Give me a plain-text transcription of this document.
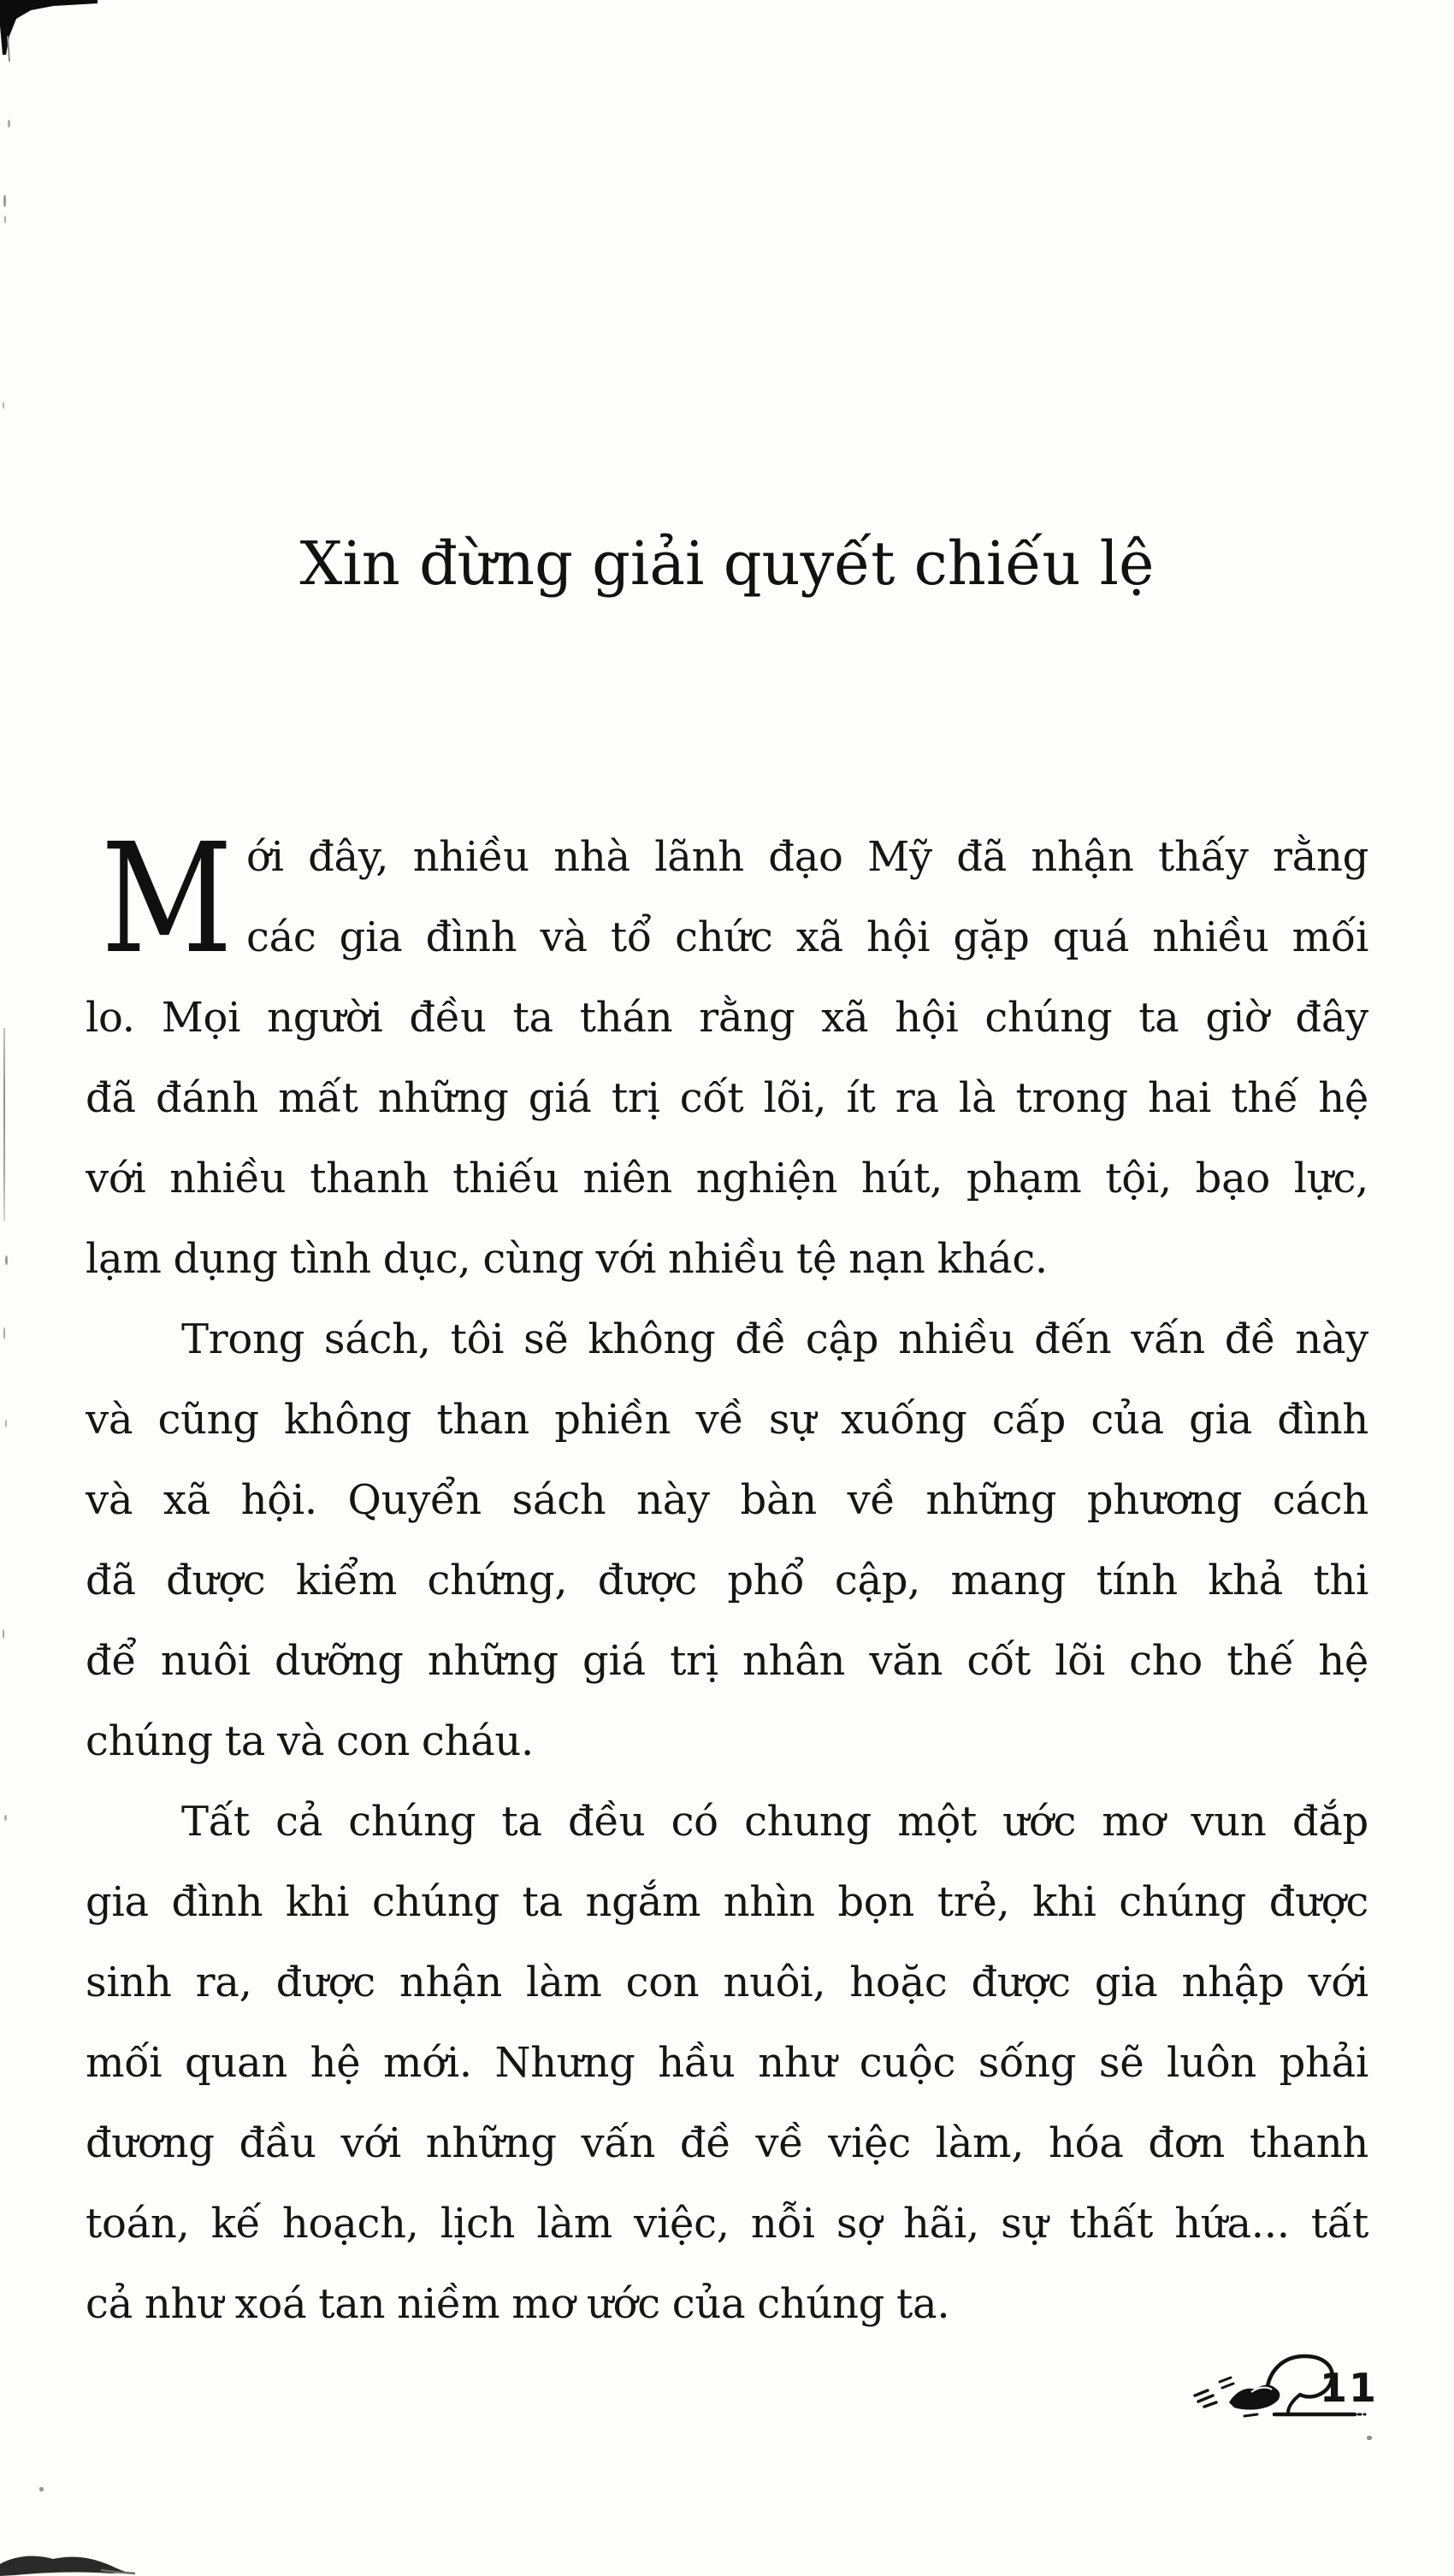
Xin đừng giải quyết chiếu lệ
M ới đây, nhiều nhà lãnh đạo Mỹ đã nhận thấy rằng
các gia đình và tổ chức xã hội gặp quá nhiều mối
lo. Mọi người đều ta thán rằng xã hội chúng ta giờ đây
đã đánh mất những giá trị cốt lõi, ít ra là trong hai thế hệ
với nhiều thanh thiếu niên nghiện hút, phạm tội, bạo lực,
lạm dụng tình dục, cùng với nhiều tệ nạn khác.
Trong sách, tôi sẽ không đề cập nhiều đến vấn đề này
và cũng không than phiền về sự xuống cấp của gia đình
và xã hội. Quyển sách này bàn về những phương cách
đã được kiểm chứng, được phổ cập, mang tính khả thi
để nuôi dưỡng những giá trị nhân văn cốt lõi cho thế hệ
chúng ta và con cháu.
Tất cả chúng ta đều có chung một ước mơ vun đắp
gia đình khi chúng ta ngắm nhìn bọn trẻ, khi chúng được
sinh ra, được nhận làm con nuôi, hoặc được gia nhập với
mối quan hệ mới. Nhưng hầu như cuộc sống sẽ luôn phải
đương đầu với những vấn đề về việc làm, hóa đơn thanh
toán, kế hoạch, lịch làm việc, nỗi sợ hãi, sự thất hứa... tất
cả như xoá tan niềm mơ ước của chúng ta.
11
